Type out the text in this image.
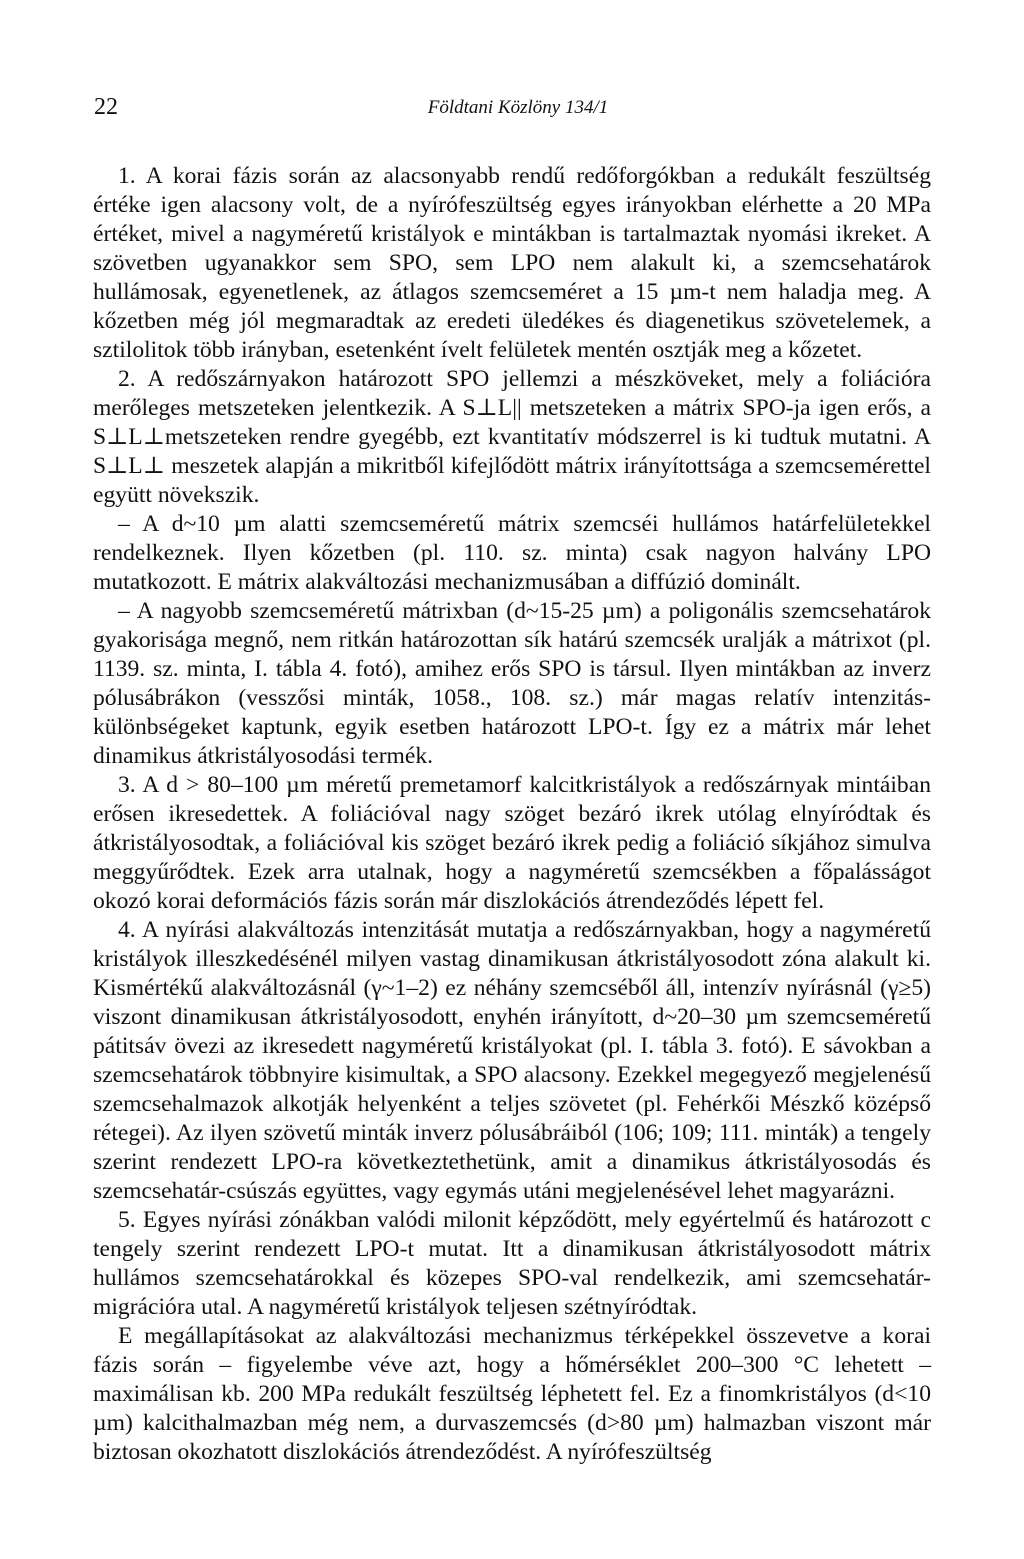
22	Földtani Közlöny 134/1

1. A korai fázis során az alacsonyabb rendű redőforgókban a redukált feszültség értéke igen alacsony volt, de a nyírófeszültség egyes irányokban elérhette a 20 MPa értéket, mivel a nagyméretű kristályok e mintákban is tartalmaztak nyomási ikreket. A szövetben ugyanakkor sem SPO, sem LPO nem alakult ki, a szemcsehatárok hullámosak, egyenetlenek, az átlagos szemcseméret a 15 µm-t nem haladja meg. A kőzetben még jól megmaradtak az eredeti üledékes és diagenetikus szövetelemek, a sztilolitok több irányban, esetenként ívelt felületek mentén osztják meg a kőzetet.

2. A redőszárnyakon határozott SPO jellemzi a mészköveket, mely a foliációra merőleges metszeteken jelentkezik. A S⊥L|| metszeteken a mátrix SPO-ja igen erős, a S⊥L⊥metszeteken rendre gyegébb, ezt kvantitatív módszerrel is ki tudtuk mutatni. A S⊥L⊥ meszetek alapján a mikritből kifejlődött mátrix irányítottsága a szemcsemérettel együtt növekszik.

– A d~10 µm alatti szemcseméretű mátrix szemcséi hullámos határfelületekkel rendelkeznek. Ilyen kőzetben (pl. 110. sz. minta) csak nagyon halvány LPO mutatkozott. E mátrix alakváltozási mechanizmusában a diffúzió dominált.

– A nagyobb szemcseméretű mátrixban (d~15-25 µm) a poligonális szemcsehatárok gyakorisága megnő, nem ritkán határozottan sík határú szemcsék uralják a mátrixot (pl. 1139. sz. minta, I. tábla 4. fotó), amihez erős SPO is társul. Ilyen mintákban az inverz pólusábrákon (vesszősi minták, 1058., 108. sz.) már magas relatív intenzitás-különbségeket kaptunk, egyik esetben határozott LPO-t. Így ez a mátrix már lehet dinamikus átkristályosodási termék.

3. A d > 80–100 µm méretű premetamorf kalcitkristályok a redőszárnyak mintáiban erősen ikresedettek. A foliációval nagy szöget bezáró ikrek utólag elnyíródtak és átkristályosodtak, a foliációval kis szöget bezáró ikrek pedig a foliáció síkjához simulva meggyűrődtek. Ezek arra utalnak, hogy a nagyméretű szemcsékben a főpalásságot okozó korai deformációs fázis során már diszlokációs átrendeződés lépett fel.

4. A nyírási alakváltozás intenzitását mutatja a redőszárnyakban, hogy a nagyméretű kristályok illeszkedésénél milyen vastag dinamikusan átkristályosodott zóna alakult ki. Kismértékű alakváltozásnál (γ~1–2) ez néhány szemcséből áll, intenzív nyírásnál (γ≥5) viszont dinamikusan átkristályosodott, enyhén irányított, d~20–30 µm szemcseméretű pátitsáv övezi az ikresedett nagyméretű kristályokat (pl. I. tábla 3. fotó). E sávokban a szemcsehatárok többnyire kisimultak, a SPO alacsony. Ezekkel megegyező megjelenésű szemcsehalmazok alkotják helyenként a teljes szövetet (pl. Fehérkői Mészkő középső rétegei). Az ilyen szövetű minták inverz pólusábráiból (106; 109; 111. minták) a tengely szerint rendezett LPO-ra következtethetünk, amit a dinamikus átkristályosodás és szemcsehatár-csúszás együttes, vagy egymás utáni megjelenésével lehet magyarázni.

5. Egyes nyírási zónákban valódi milonit képződött, mely egyértelmű és határozott c tengely szerint rendezett LPO-t mutat. Itt a dinamikusan átkristályosodott mátrix hullámos szemcsehatárokkal és közepes SPO-val rendelkezik, ami szemcsehatár-migrációra utal. A nagyméretű kristályok teljesen szétnyíródtak.

E megállapításokat az alakváltozási mechanizmus térképekkel összevetve a korai fázis során – figyelembe véve azt, hogy a hőmérséklet 200–300 °C lehetett – maximálisan kb. 200 MPa redukált feszültség léphetett fel. Ez a finomkristályos (d<10 µm) kalcithalmazban még nem, a durvaszemcsés (d>80 µm) halmazban viszont már biztosan okozhatott diszlokációs átrendeződést. A nyírófeszültség
